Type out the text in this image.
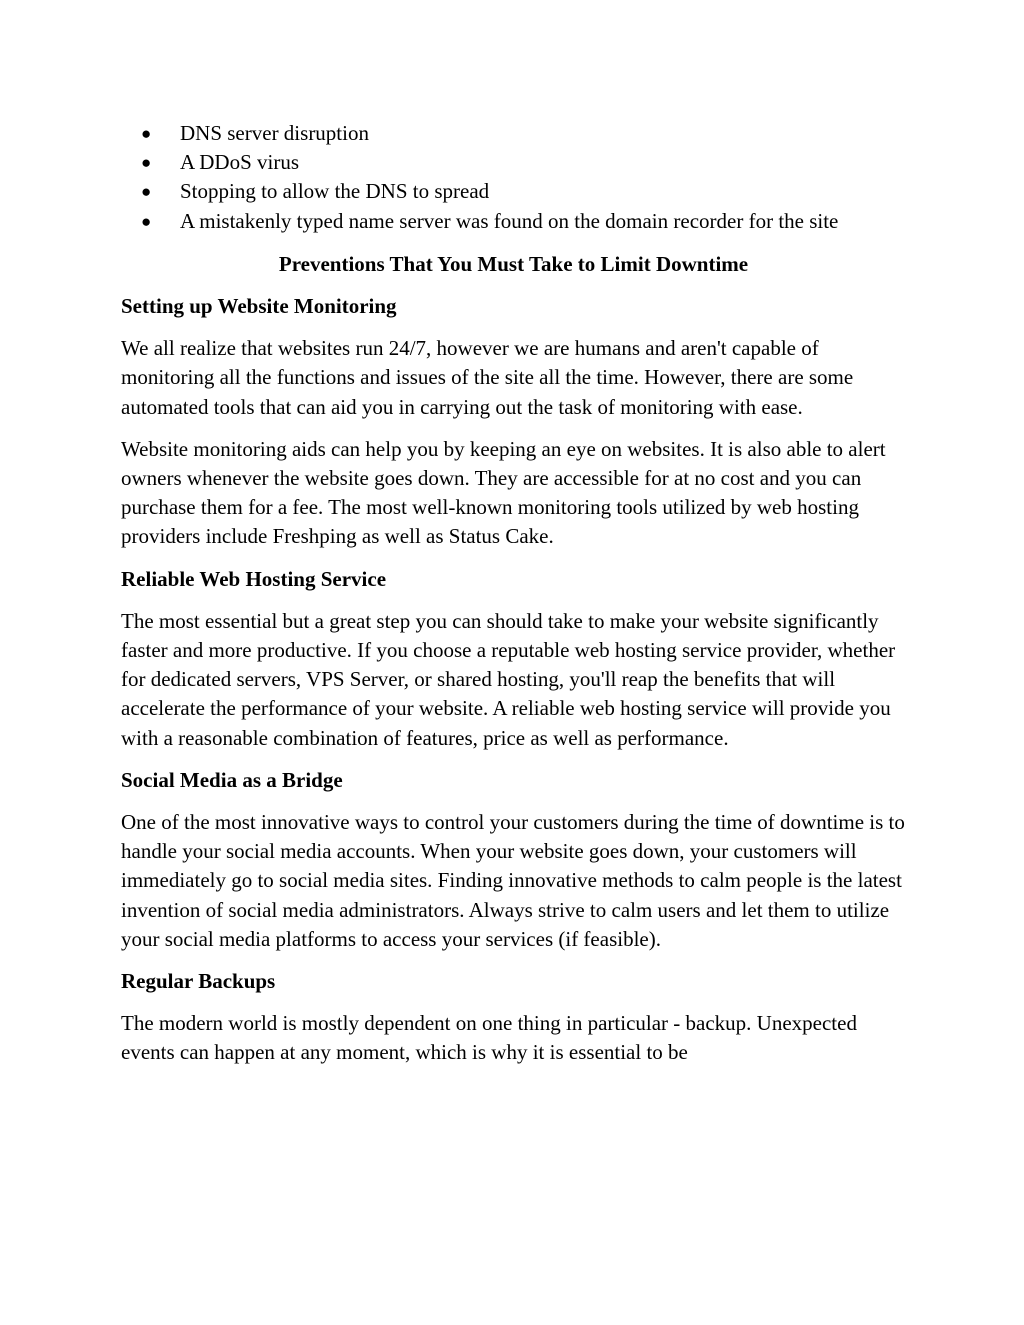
● DNS server disruption
● A DDoS virus
● Stopping to allow the DNS to spread
● A mistakenly typed name server was found on the domain recorder for the site
Preventions That You Must Take to Limit Downtime
Setting up Website Monitoring

We all realize that websites run 24/7, however we are humans and aren't capable of monitoring all the functions and issues of the site all the time. However, there are some automated tools that can aid you in carrying out the task of monitoring with ease.

Website monitoring aids can help you by keeping an eye on websites. It is also able to alert owners whenever the website goes down. They are accessible for at no cost and you can purchase them for a fee. The most well-known monitoring tools utilized by web hosting providers include Freshping as well as Status Cake.

Reliable Web Hosting Service

The most essential but a great step you can should take to make your website significantly faster and more productive. If you choose a reputable web hosting service provider, whether for dedicated servers, VPS Server, or shared hosting, you'll reap the benefits that will accelerate the performance of your website. A reliable web hosting service will provide you with a reasonable combination of features, price as well as performance.

Social Media as a Bridge

One of the most innovative ways to control your customers during the time of downtime is to handle your social media accounts. When your website goes down, your customers will immediately go to social media sites. Finding innovative methods to calm people is the latest invention of social media administrators. Always strive to calm users and let them to utilize your social media platforms to access your services (if feasible).

Regular Backups

The modern world is mostly dependent on one thing in particular - backup. Unexpected events can happen at any moment, which is why it is essential to be
